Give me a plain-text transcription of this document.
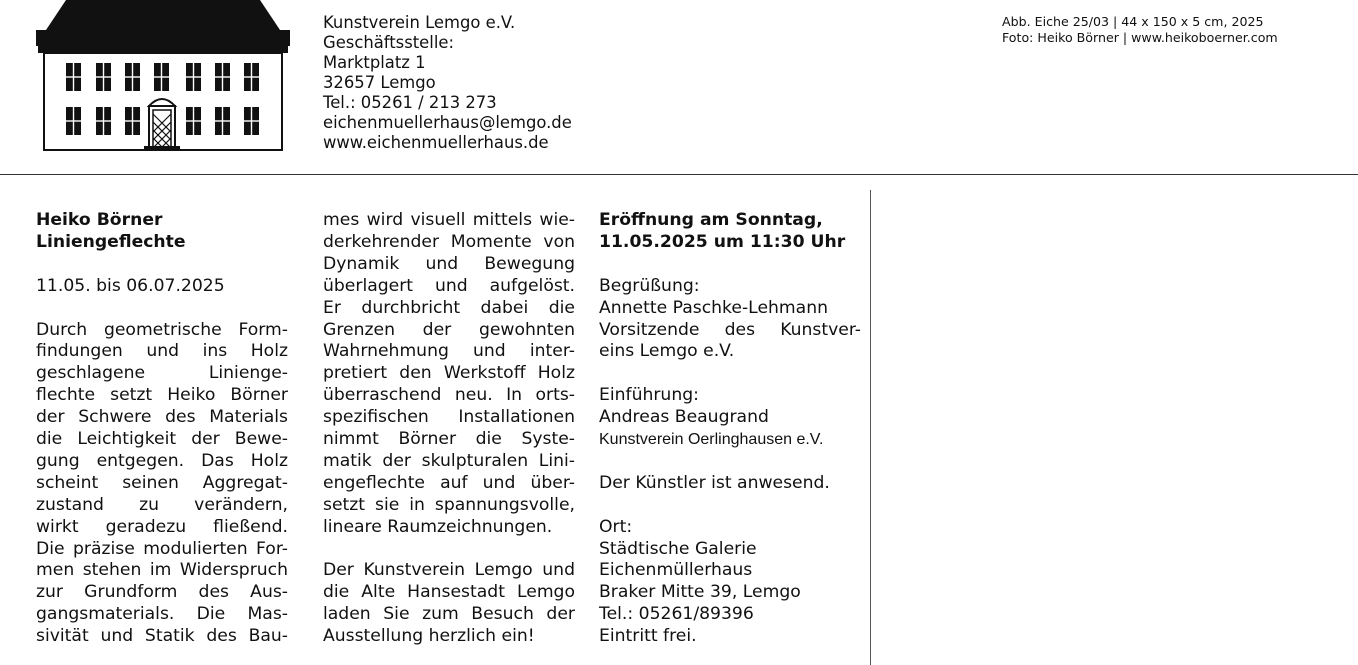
Kunstverein Lemgo e.V.
Geschäftsstelle:
Marktplatz 1
32657 Lemgo
Tel.: 05261 / 213 273
eichenmuellerhaus@lemgo.de
www.eichenmuellerhaus.de
Abb. Eiche 25/03 | 44 x 150 x 5 cm, 2025
Foto: Heiko Börner | www.heikoboerner.com
Heiko Börner
Liniengeflechte
11.05. bis 06.07.2025
Durch geometrische Form-
findungen und ins Holz
geschlagene Linienge-
flechte setzt Heiko Börner
der Schwere des Materials
die Leichtigkeit der Bewe-
gung entgegen. Das Holz
scheint seinen Aggregat-
zustand zu verändern,
wirkt geradezu fließend.
Die präzise modulierten For-
men stehen im Widerspruch
zur Grundform des Aus-
gangsmaterials. Die Mas-
sivität und Statik des Bau-
mes wird visuell mittels wie-
derkehrender Momente von
Dynamik und Bewegung
überlagert und aufgelöst.
Er durchbricht dabei die
Grenzen der gewohnten
Wahrnehmung und inter-
pretiert den Werkstoff Holz
überraschend neu. In orts-
spezifischen Installationen
nimmt Börner die Syste-
matik der skulpturalen Lini-
engeflechte auf und über-
setzt sie in spannungsvolle,
lineare Raumzeichnungen.
Der Kunstverein Lemgo und
die Alte Hansestadt Lemgo
laden Sie zum Besuch der
Ausstellung herzlich ein!
Eröffnung am Sonntag,
11.05.2025 um 11:30 Uhr
Begrüßung:
Annette Paschke-Lehmann
Vorsitzende des Kunstver-
eins Lemgo e.V.
Einführung:
Andreas Beaugrand
Kunstverein Oerlinghausen e.V.
Der Künstler ist anwesend.
Ort:
Städtische Galerie
Eichenmüllerhaus
Braker Mitte 39, Lemgo
Tel.: 05261/89396
Eintritt frei.
